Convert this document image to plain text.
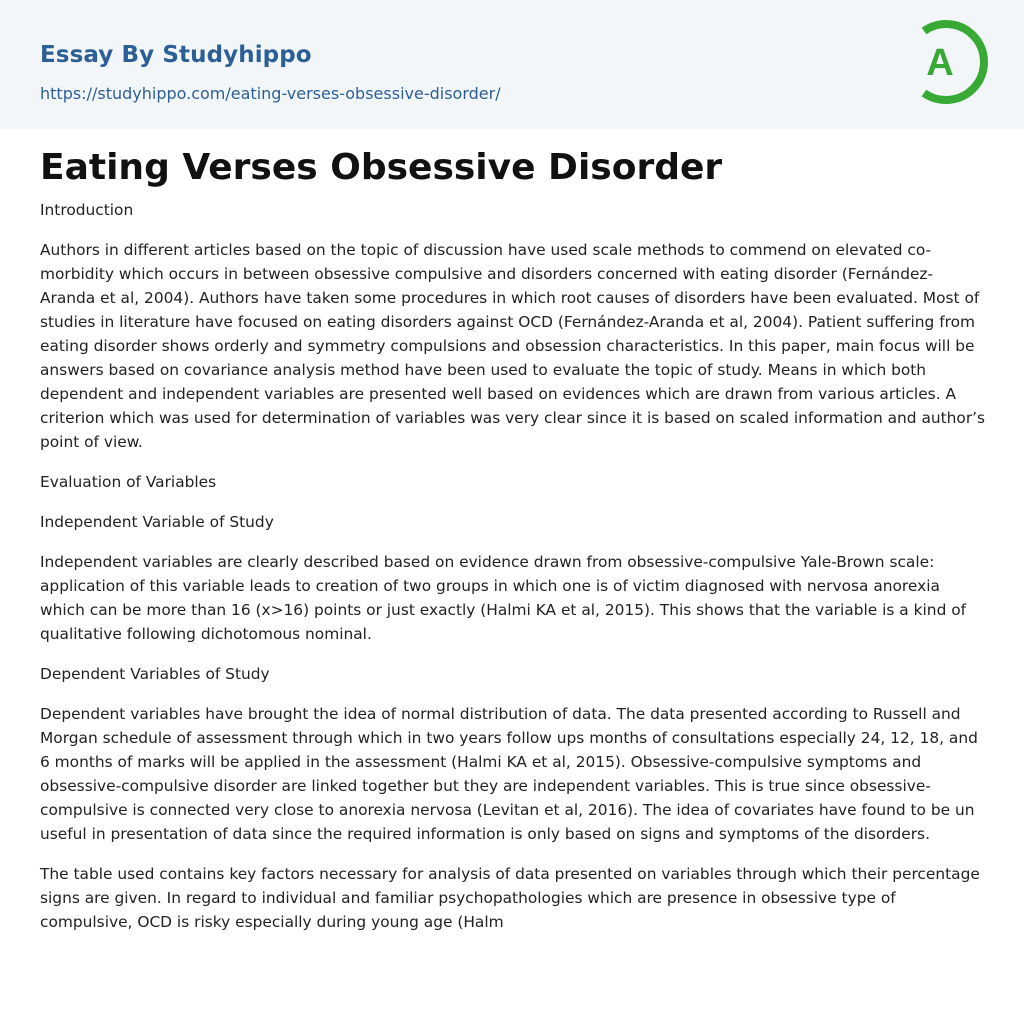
Essay By Studyhippo
https://studyhippo.com/eating-verses-obsessive-disorder/
A
Eating Verses Obsessive Disorder

Introduction

Authors in different articles based on the topic of discussion have used scale methods to commend on elevated co-morbidity which occurs in between obsessive compulsive and disorders concerned with eating disorder (Fernández-Aranda et al, 2004). Authors have taken some procedures in which root causes of disorders have been evaluated. Most of studies in literature have focused on eating disorders against OCD (Fernández-Aranda et al, 2004). Patient suffering from eating disorder shows orderly and symmetry compulsions and obsession characteristics. In this paper, main focus will be answers based on covariance analysis method have been used to evaluate the topic of study. Means in which both dependent and independent variables are presented well based on evidences which are drawn from various articles. A criterion which was used for determination of variables was very clear since it is based on scaled information and author’s point of view.

Evaluation of Variables

Independent Variable of Study

Independent variables are clearly described based on evidence drawn from obsessive-compulsive Yale-Brown scale: application of this variable leads to creation of two groups in which one is of victim diagnosed with nervosa anorexia which can be more than 16 (x>16) points or just exactly (Halmi KA et al, 2015). This shows that the variable is a kind of qualitative following dichotomous nominal.

Dependent Variables of Study

Dependent variables have brought the idea of normal distribution of data. The data presented according to Russell and Morgan schedule of assessment through which in two years follow ups months of consultations especially 24, 12, 18, and 6 months of marks will be applied in the assessment (Halmi KA et al, 2015). Obsessive-compulsive symptoms and obsessive-compulsive disorder are linked together but they are independent variables. This is true since obsessive- compulsive is connected very close to anorexia nervosa (Levitan et al, 2016). The idea of covariates have found to be un useful in presentation of data since the required information is only based on signs and symptoms of the disorders.

The table used contains key factors necessary for analysis of data presented on variables through which their percentage signs are given. In regard to individual and familiar psychopathologies which are presence in obsessive type of compulsive, OCD is risky especially during young age (Halm
